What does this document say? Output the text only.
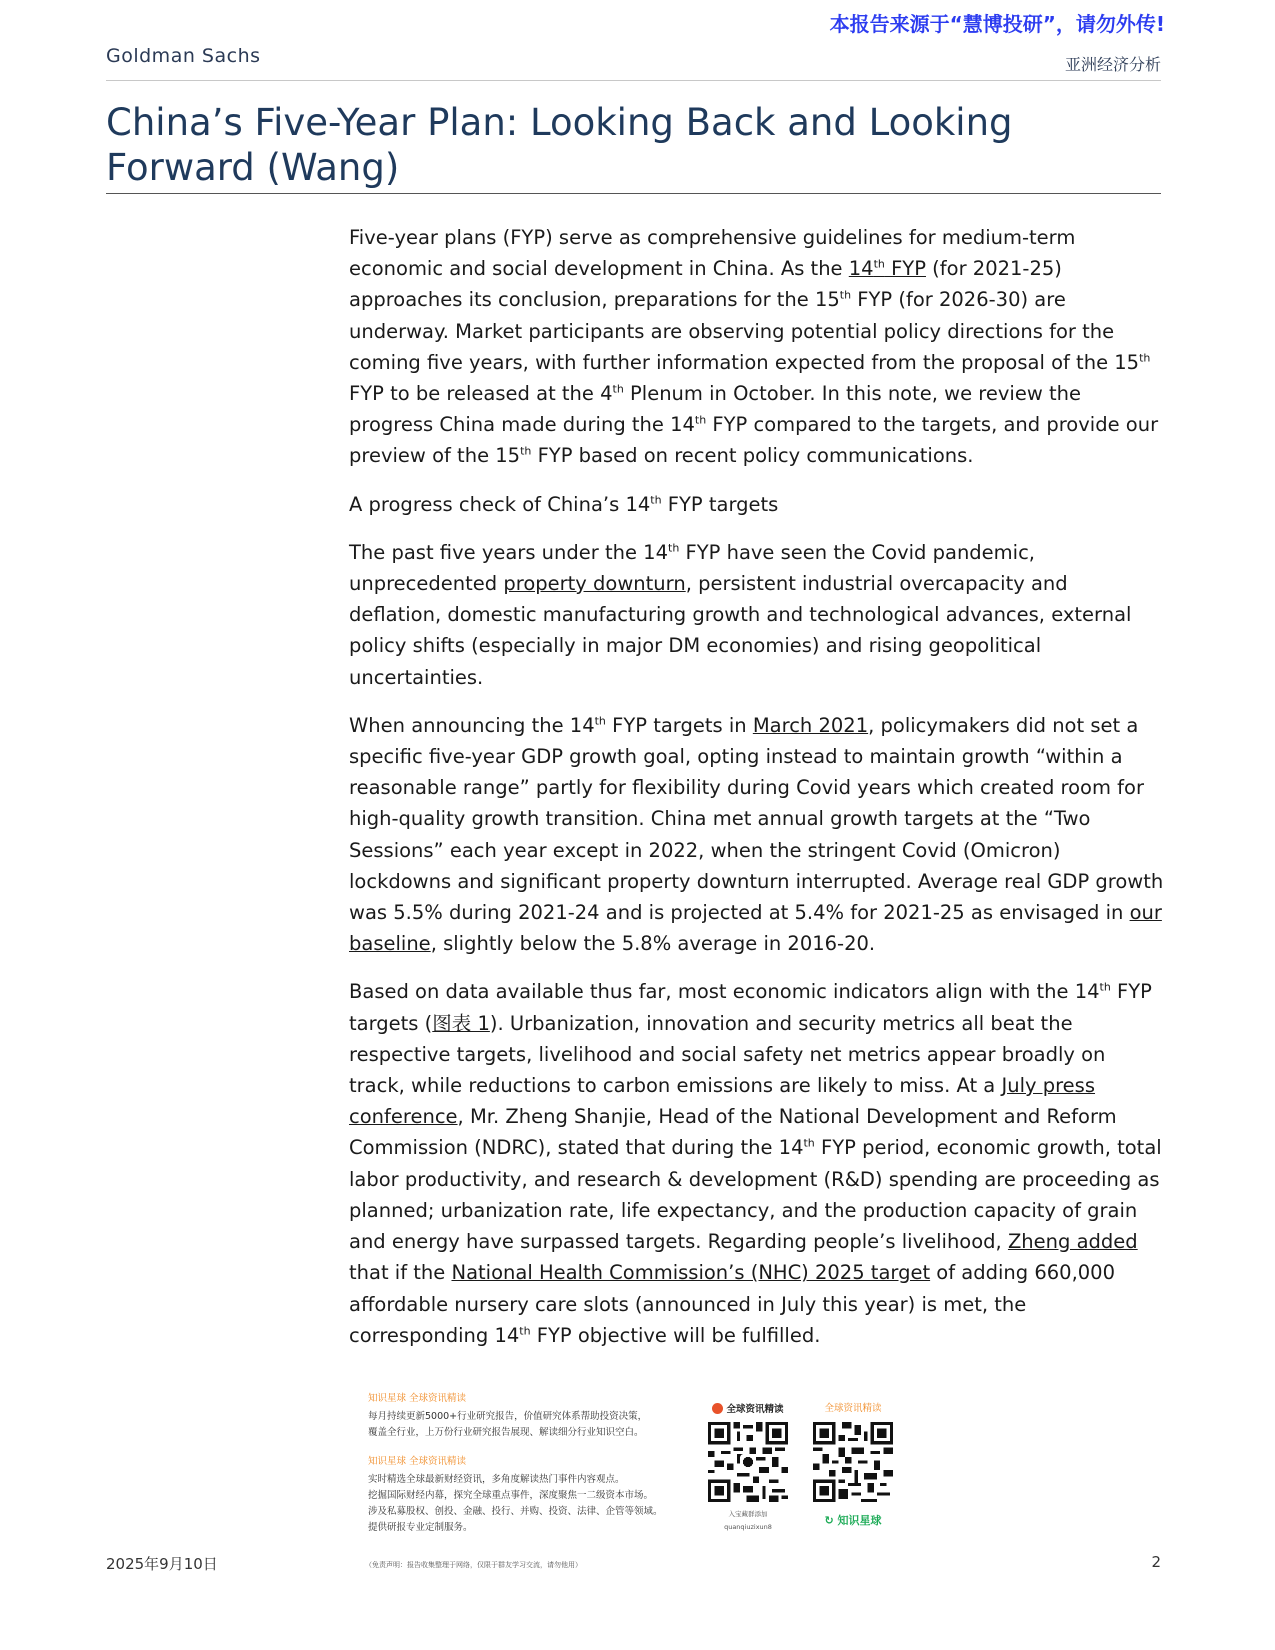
本报告来源于“慧博投研”，请勿外传!
Goldman Sachs	亚洲经济分析
China’s Five-Year Plan: Looking Back and Looking Forward (Wang)

Five-year plans (FYP) serve as comprehensive guidelines for medium-term economic and social development in China. As the 14th FYP (for 2021-25) approaches its conclusion, preparations for the 15th FYP (for 2026-30) are underway. Market participants are observing potential policy directions for the coming five years, with further information expected from the proposal of the 15th FYP to be released at the 4th Plenum in October. In this note, we review the progress China made during the 14th FYP compared to the targets, and provide our preview of the 15th FYP based on recent policy communications.

A progress check of China’s 14th FYP targets

The past five years under the 14th FYP have seen the Covid pandemic, unprecedented property downturn, persistent industrial overcapacity and deflation, domestic manufacturing growth and technological advances, external policy shifts (especially in major DM economies) and rising geopolitical uncertainties.

When announcing the 14th FYP targets in March 2021, policymakers did not set a specific five-year GDP growth goal, opting instead to maintain growth “within a reasonable range” partly for flexibility during Covid years which created room for high-quality growth transition. China met annual growth targets at the “Two Sessions” each year except in 2022, when the stringent Covid (Omicron) lockdowns and significant property downturn interrupted. Average real GDP growth was 5.5% during 2021-24 and is projected at 5.4% for 2021-25 as envisaged in our baseline, slightly below the 5.8% average in 2016-20.

Based on data available thus far, most economic indicators align with the 14th FYP targets (图表 1). Urbanization, innovation and security metrics all beat the respective targets, livelihood and social safety net metrics appear broadly on track, while reductions to carbon emissions are likely to miss. At a July press conference, Mr. Zheng Shanjie, Head of the National Development and Reform Commission (NDRC), stated that during the 14th FYP period, economic growth, total labor productivity, and research & development (R&D) spending are proceeding as planned; urbanization rate, life expectancy, and the production capacity of grain and energy have surpassed targets. Regarding people’s livelihood, Zheng added that if the National Health Commission’s (NHC) 2025 target of adding 660,000 affordable nursery care slots (announced in July this year) is met, the corresponding 14th FYP objective will be fulfilled.

知识星球 全球资讯精读

每月持续更新5000+行业研究报告，价值研究体系帮助投资决策，

覆盖全行业，上万份行业研究报告展现、解读细分行业知识空白。

知识星球 全球资讯精读

实时精选全球最新财经资讯，多角度解读热门事件内容观点。

挖掘国际财经内幕，探究全球重点事件，深度聚焦一二级资本市场。

涉及私募股权、创投、金融、投行、并购、投资、法律、企管等领域。

提供研报专业定制服务。

全球资讯精读
入宝藏群添加
quanqiuzixun8
全球资讯精读
↻ 知识星球
2025年9月10日	（免责声明：报告收集整理于网络，仅限于群友学习交流，请勿他用）	2
